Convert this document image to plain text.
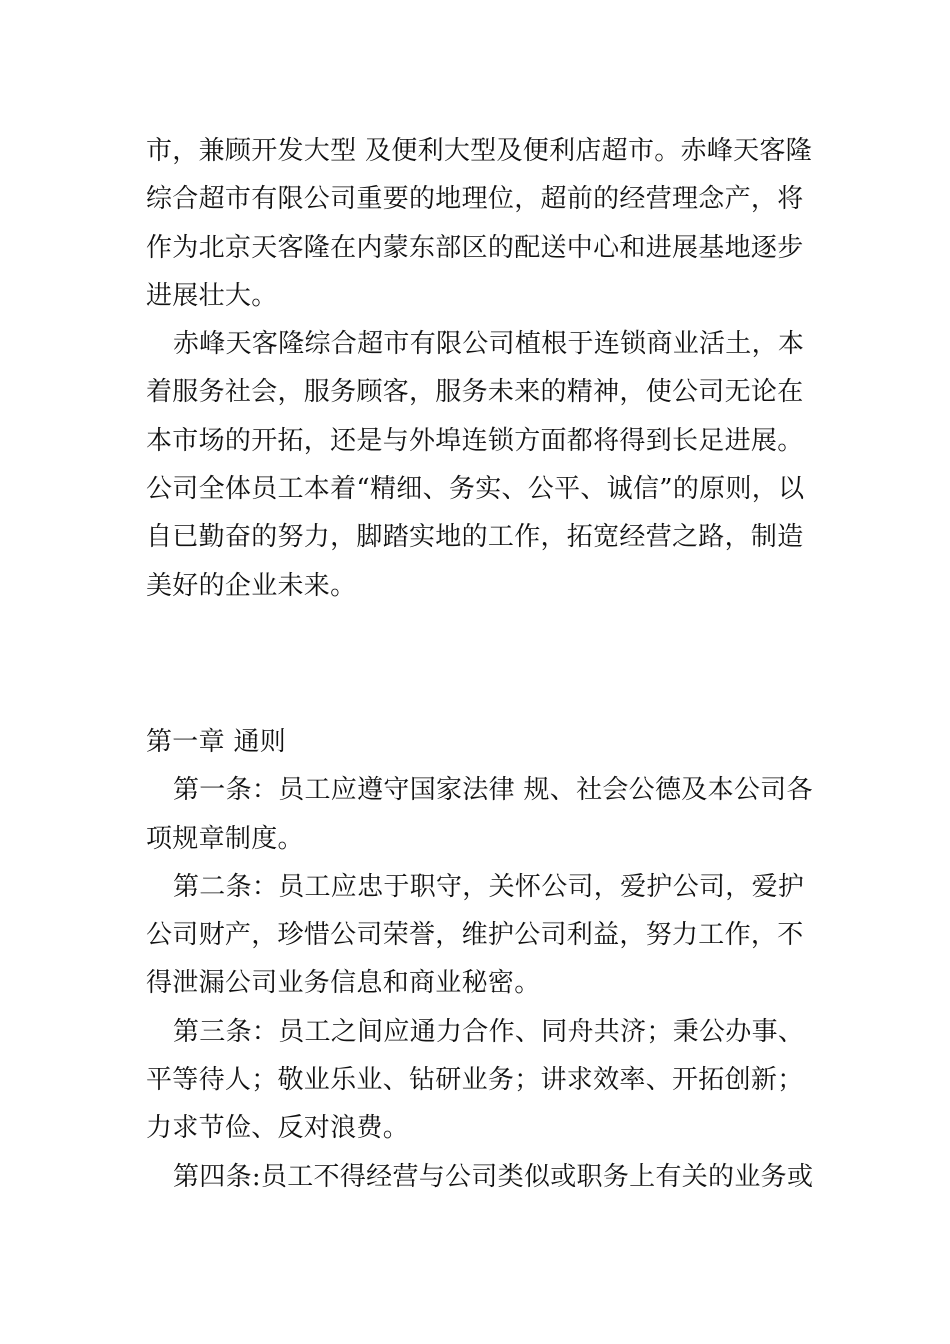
市，兼顾开发大型 及便利大型及便利店超市。赤峰天客隆综合超市有限公司重要的地理位，超前的经营理念产，将作为北京天客隆在内蒙东部区的配送中心和进展基地逐步进展壮大。

赤峰天客隆综合超市有限公司植根于连锁商业活土，本着服务社会，服务顾客，服务未来的精神，使公司无论在本市场的开拓，还是与外埠连锁方面都将得到长足进展。公司全体员工本着“精细、务实、公平、诚信”的原则，以自已勤奋的努力，脚踏实地的工作，拓宽经营之路，制造美好的企业未来。

第一章 通则

第一条：员工应遵守国家法律 规、社会公德及本公司各项规章制度。

第二条：员工应忠于职守，关怀公司，爱护公司，爱护公司财产，珍惜公司荣誉，维护公司利益，努力工作，不得泄漏公司业务信息和商业秘密。

第三条：员工之间应通力合作、同舟共济；秉公办事、平等待人；敬业乐业、钻研业务；讲求效率、开拓创新；力求节俭、反对浪费。

第四条:员工不得经营与公司类似或职务上有关的业务或
